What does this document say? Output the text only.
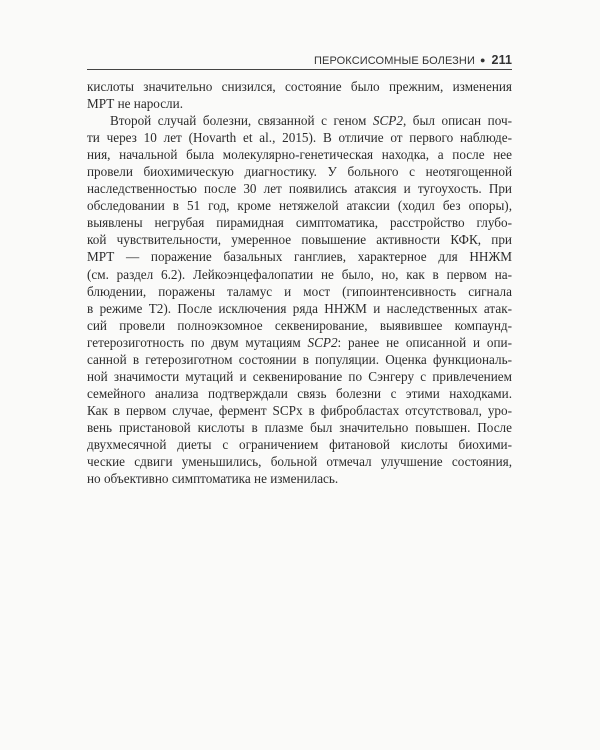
ПЕРОКСИСОМНЫЕ БОЛЕЗНИ ● 211
кислоты значительно снизился, состояние было прежним, изменения
МРТ не наросли.
Второй случай болезни, связанной с геном SCP2, был описан поч-
ти через 10 лет (Hovarth et al., 2015). В отличие от первого наблюде-
ния, начальной была молекулярно-генетическая находка, а после нее
провели биохимическую диагностику. У больного с неотягощенной
наследственностью после 30 лет появились атаксия и тугоухость. При
обследовании в 51 год, кроме нетяжелой атаксии (ходил без опоры),
выявлены негрубая пирамидная симптоматика, расстройство глубо-
кой чувствительности, умеренное повышение активности КФК, при
МРТ — поражение базальных ганглиев, характерное для ННЖМ
(см. раздел 6.2). Лейкоэнцефалопатии не было, но, как в первом на-
блюдении, поражены таламус и мост (гипоинтенсивность сигнала
в режиме Т2). После исключения ряда ННЖМ и наследственных атак-
сий провели полноэкзомное секвенирование, выявившее компаунд-
гетерозиготность по двум мутациям SCP2: ранее не описанной и опи-
санной в гетерозиготном состоянии в популяции. Оценка функциональ-
ной значимости мутаций и секвенирование по Сэнгеру с привлечением
семейного анализа подтверждали связь болезни с этими находками.
Как в первом случае, фермент SCPх в фибробластах отсутствовал, уро-
вень пристановой кислоты в плазме был значительно повышен. После
двухмесячной диеты с ограничением фитановой кислоты биохими-
ческие сдвиги уменьшились, больной отмечал улучшение состояния,
но объективно симптоматика не изменилась.
